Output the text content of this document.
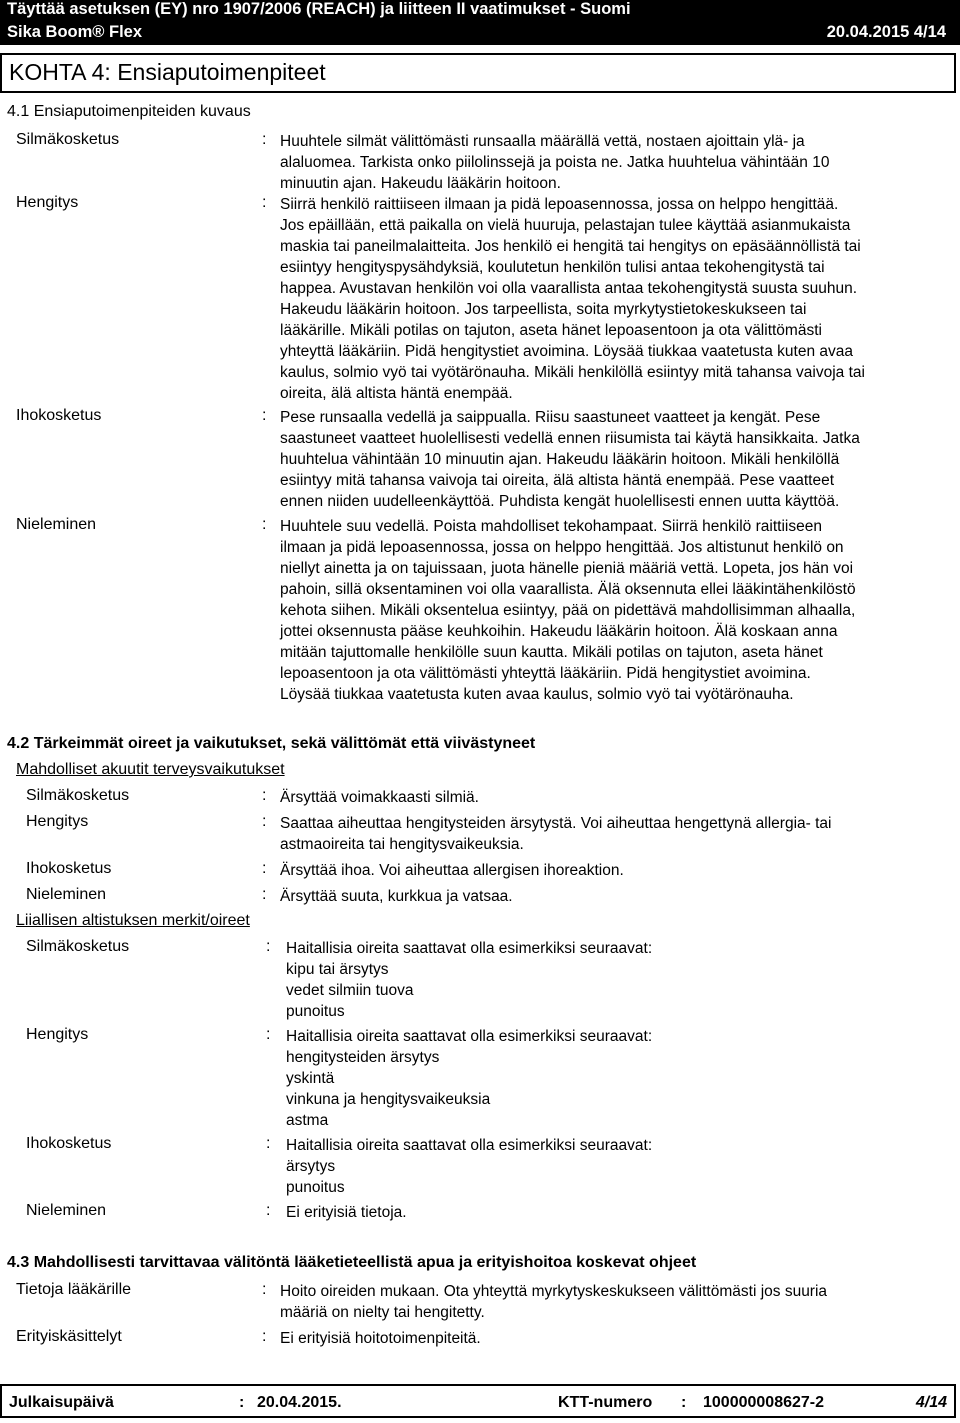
Täyttää asetuksen (EY) nro 1907/2006 (REACH) ja liitteen II vaatimukset - Suomi
Sika Boom® Flex	20.04.2015 4/14
KOHTA 4: Ensiaputoimenpiteet
4.1 Ensiaputoimenpiteiden kuvaus
Silmäkosketus	: Huuhtele silmät välittömästi runsaalla määrällä vettä, nostaen ajoittain ylä- ja
alaluomea. Tarkista onko piilolinssejä ja poista ne. Jatka huuhtelua vähintään 10
minuutin ajan. Hakeudu lääkärin hoitoon.
Hengitys	: Siirrä henkilö raittiiseen ilmaan ja pidä lepoasennossa, jossa on helppo hengittää.
Jos epäillään, että paikalla on vielä huuruja, pelastajan tulee käyttää asianmukaista
maskia tai paneilmalaitteita. Jos henkilö ei hengitä tai hengitys on epäsäännöllistä tai
esiintyy hengityspysähdyksiä, koulutetun henkilön tulisi antaa tekohengitystä tai
happea. Avustavan henkilön voi olla vaarallista antaa tekohengitystä suusta suuhun.
Hakeudu lääkärin hoitoon. Jos tarpeellista, soita myrkytystietokeskukseen tai
lääkärille. Mikäli potilas on tajuton, aseta hänet lepoasentoon ja ota välittömästi
yhteyttä lääkäriin. Pidä hengitystiet avoimina. Löysää tiukkaa vaatetusta kuten avaa
kaulus, solmio vyö tai vyötärönauha. Mikäli henkilöllä esiintyy mitä tahansa vaivoja tai
oireita, älä altista häntä enempää.
Ihokosketus	: Pese runsaalla vedellä ja saippualla. Riisu saastuneet vaatteet ja kengät. Pese
saastuneet vaatteet huolellisesti vedellä ennen riisumista tai käytä hansikkaita. Jatka
huuhtelua vähintään 10 minuutin ajan. Hakeudu lääkärin hoitoon. Mikäli henkilöllä
esiintyy mitä tahansa vaivoja tai oireita, älä altista häntä enempää. Pese vaatteet
ennen niiden uudelleenkäyttöä. Puhdista kengät huolellisesti ennen uutta käyttöä.
Nieleminen	: Huuhtele suu vedellä. Poista mahdolliset tekohampaat. Siirrä henkilö raittiiseen
ilmaan ja pidä lepoasennossa, jossa on helppo hengittää. Jos altistunut henkilö on
niellyt ainetta ja on tajuissaan, juota hänelle pieniä määriä vettä. Lopeta, jos hän voi
pahoin, sillä oksentaminen voi olla vaarallista. Älä oksennuta ellei lääkintähenkilöstö
kehota siihen. Mikäli oksentelua esiintyy, pää on pidettävä mahdollisimman alhaalla,
jottei oksennusta pääse keuhkoihin. Hakeudu lääkärin hoitoon. Älä koskaan anna
mitään tajuttomalle henkilölle suun kautta. Mikäli potilas on tajuton, aseta hänet
lepoasentoon ja ota välittömästi yhteyttä lääkäriin. Pidä hengitystiet avoimina.
Löysää tiukkaa vaatetusta kuten avaa kaulus, solmio vyö tai vyötärönauha.
4.2 Tärkeimmät oireet ja vaikutukset, sekä välittömät että viivästyneet
Mahdolliset akuutit terveysvaikutukset
Silmäkosketus	: Ärsyttää voimakkaasti silmiä.
Hengitys	: Saattaa aiheuttaa hengitysteiden ärsytystä. Voi aiheuttaa hengettynä allergia- tai
astmaoireita tai hengitysvaikeuksia.
Ihokosketus	: Ärsyttää ihoa. Voi aiheuttaa allergisen ihoreaktion.
Nieleminen	: Ärsyttää suuta, kurkkua ja vatsaa.
Liiallisen altistuksen merkit/oireet
Silmäkosketus	: Haitallisia oireita saattavat olla esimerkiksi seuraavat:
kipu tai ärsytys
vedet silmiin tuova
punoitus
Hengitys	: Haitallisia oireita saattavat olla esimerkiksi seuraavat:
hengitysteiden ärsytys
yskintä
vinkuna ja hengitysvaikeuksia
astma
Ihokosketus	: Haitallisia oireita saattavat olla esimerkiksi seuraavat:
ärsytys
punoitus
Nieleminen	: Ei erityisiä tietoja.
4.3 Mahdollisesti tarvittavaa välitöntä lääketieteellistä apua ja erityishoitoa koskevat ohjeet
Tietoja lääkärille	: Hoito oireiden mukaan. Ota yhteyttä myrkytyskeskukseen välittömästi jos suuria
määriä on nielty tai hengitetty.
Erityiskäsittelyt	: Ei erityisiä hoitotoimenpiteitä.
Julkaisupäivä	: 20.04.2015.	KTT-numero : 100000008627-2	4/14
